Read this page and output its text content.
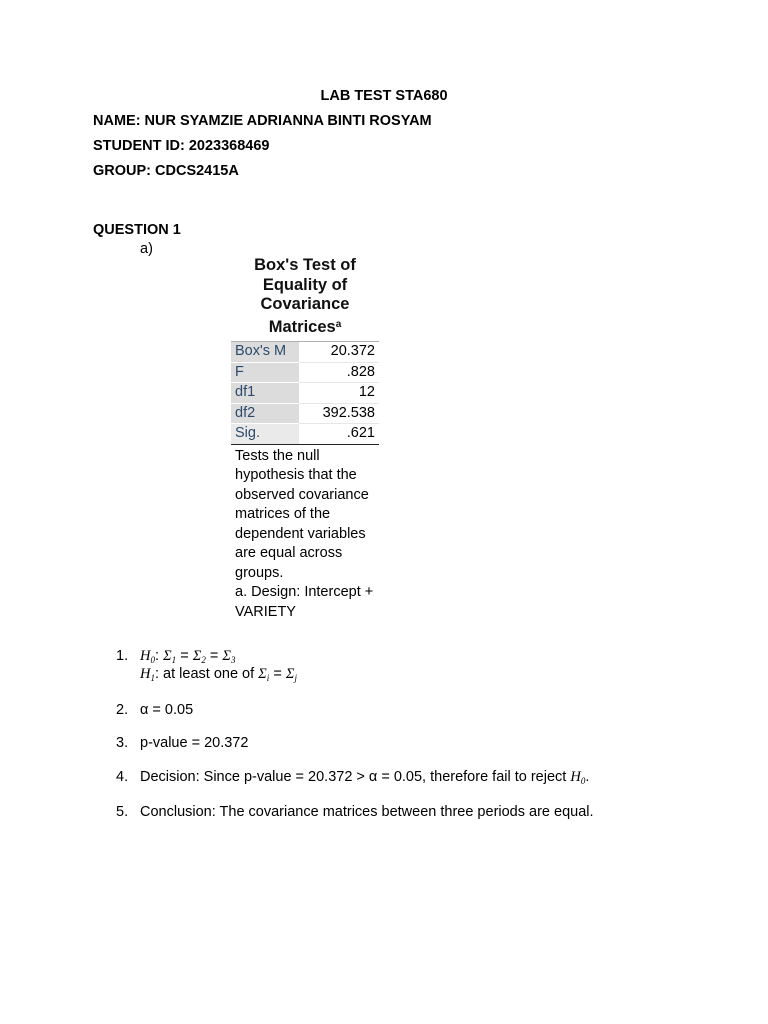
LAB TEST STA680
NAME: NUR SYAMZIE ADRIANNA BINTI ROSYAM
STUDENT ID: 2023368469
GROUP: CDCS2415A
QUESTION 1
a)
Box's Test of Equality of Covariance Matrices$^a$
Box's M	20.372
F	.828
df1	12
df2	392.538
Sig.	.621
Tests the null hypothesis that the observed covariance matrices of the dependent variables are equal across groups.
a. Design: Intercept + VARIETY
1. $H_0$: $\Sigma_1 = \Sigma_2 = \Sigma_3$
$H_1$: at least one of $\Sigma_i = \Sigma_j$
2. α = 0.05
3. p-value = 20.372
4. Decision: Since p-value = 20.372 > α = 0.05, therefore fail to reject $H_0$.
5. Conclusion: The covariance matrices between three periods are equal.
